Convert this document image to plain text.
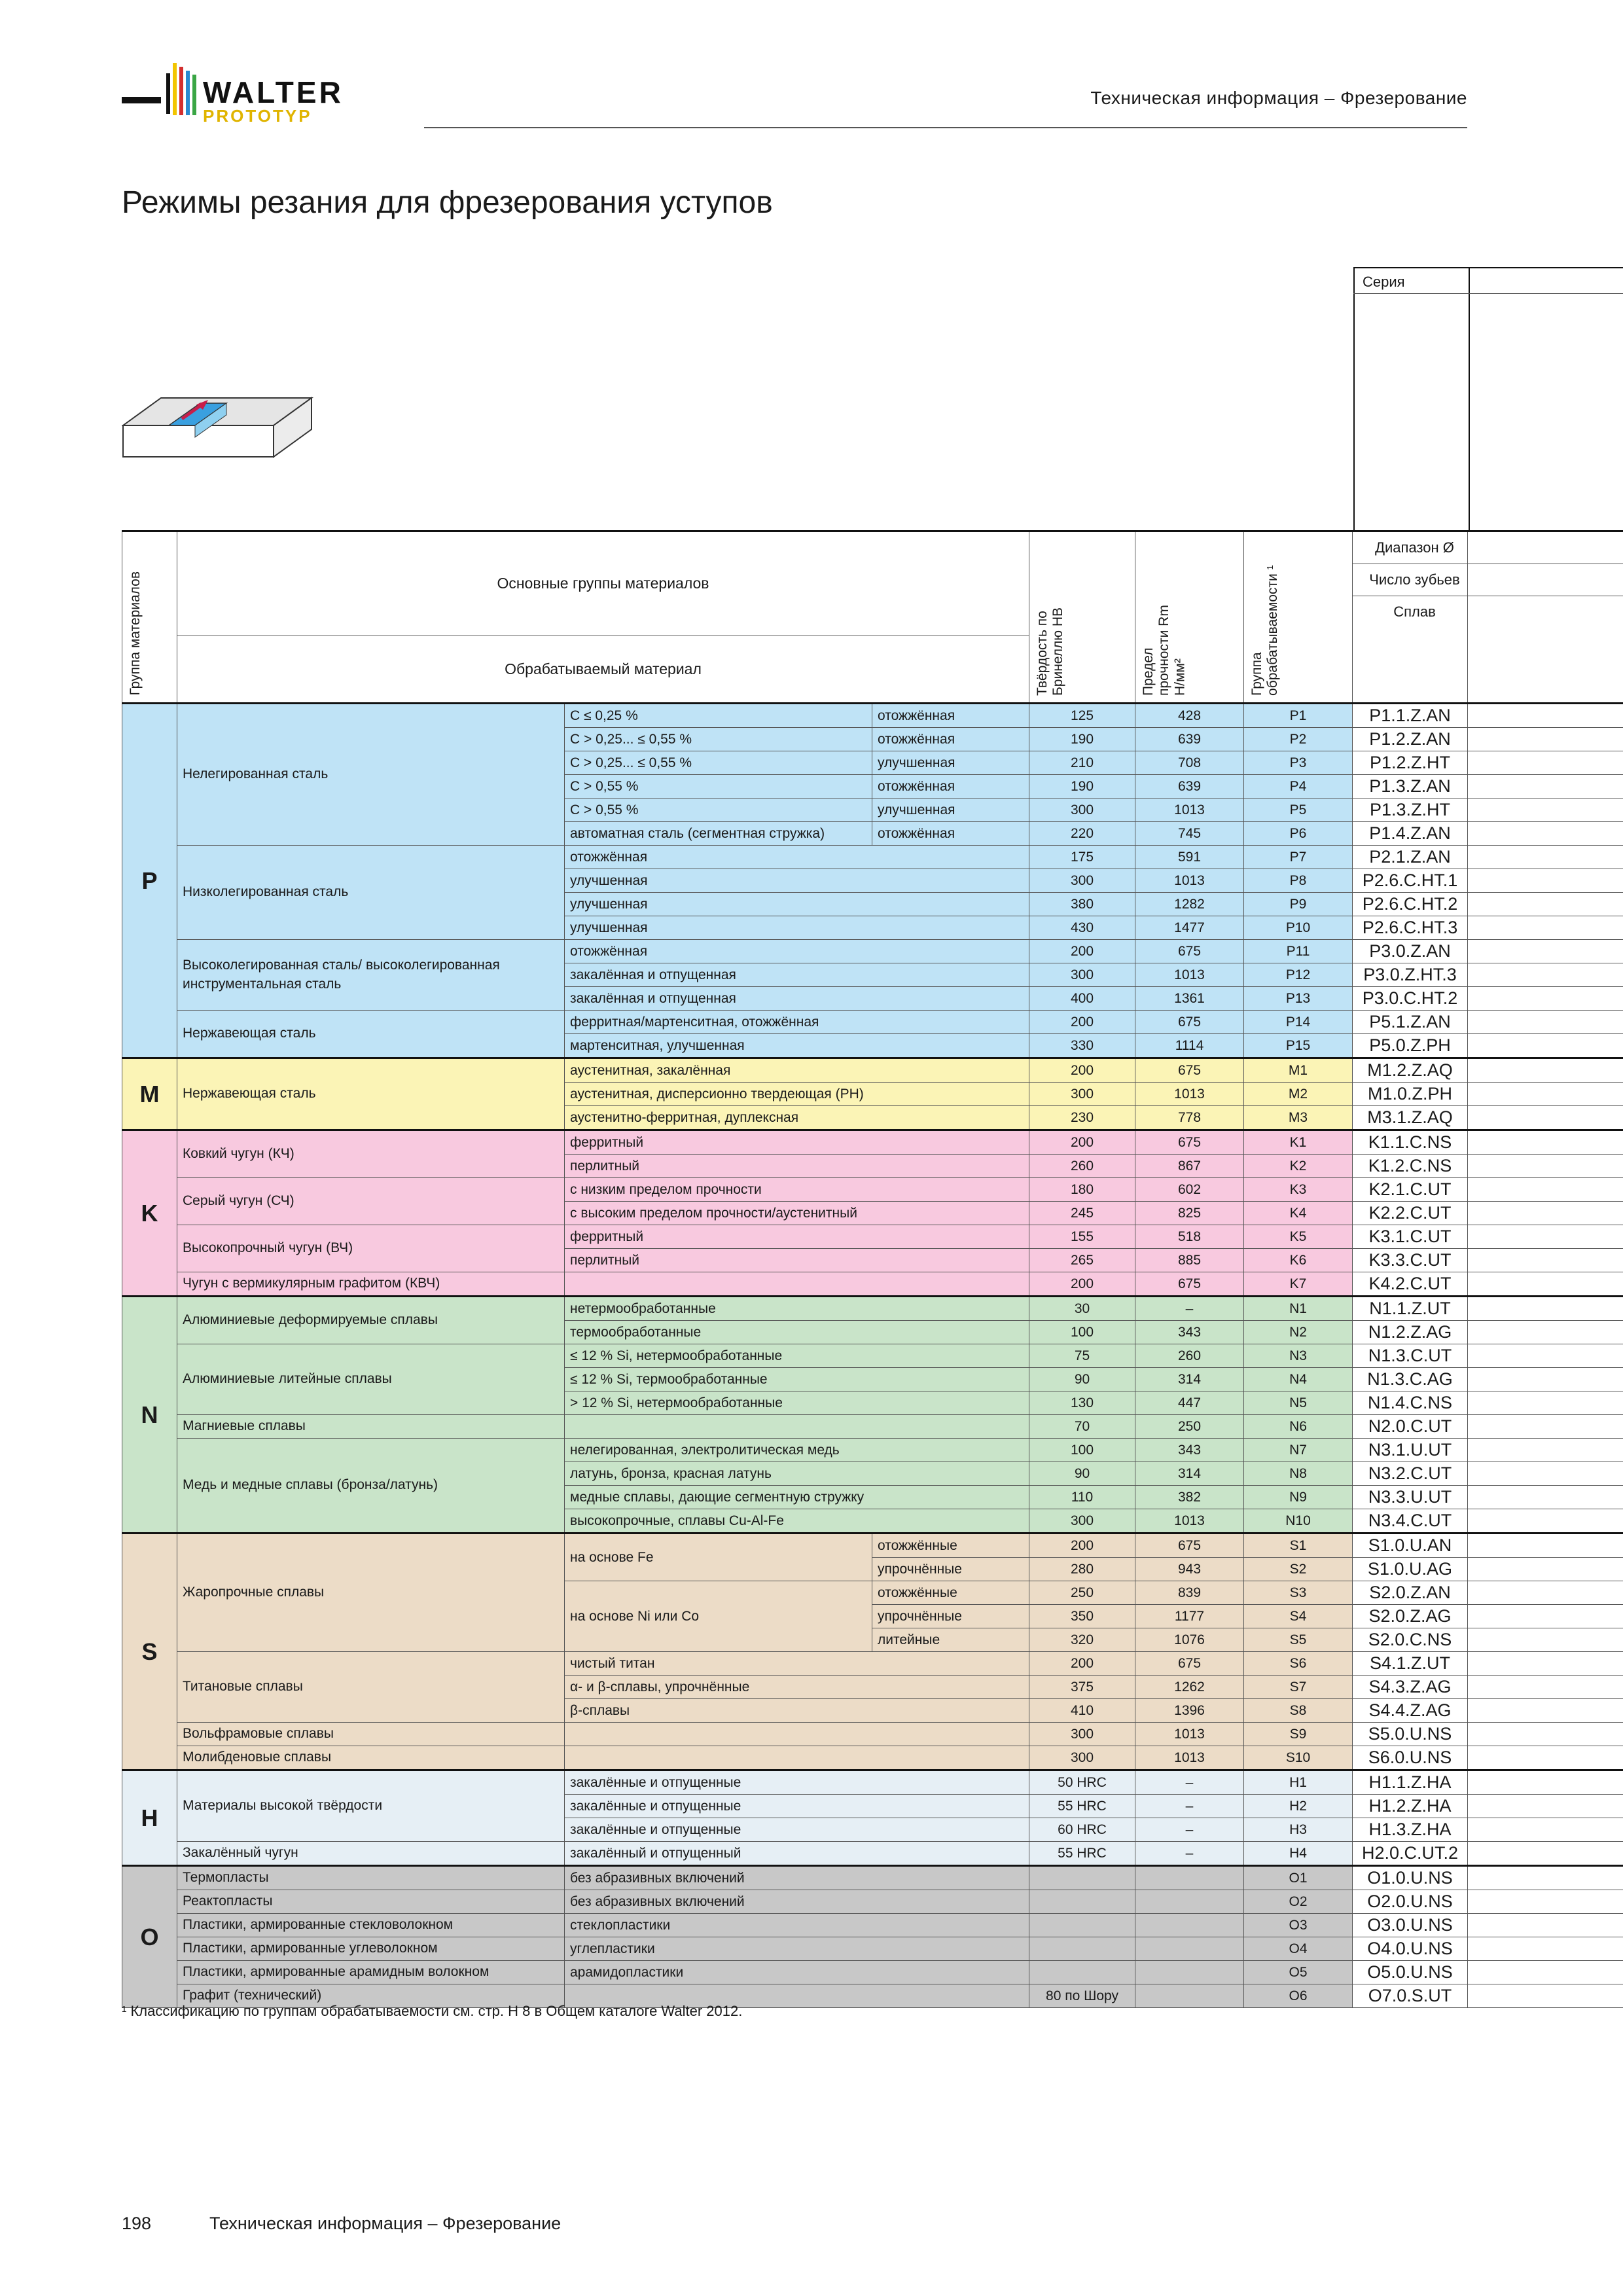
WALTER
PROTOTYP
Техническая информация – Фрезерование
Режимы резания для фрезерования уступов
Серия
Группа материалов	Основные группы материалов			Твёрдость по Бринеллю HB	Предел прочности Rm Н/мм²	Группа обрабатываемости ¹	Диапазон Ø
Число зубьев
Сплав	

	Обрабатываемый материал							
P	Нелегированная сталь	C ≤ 0,25 %	отожжённая	125	428	P1	P1.1.Z.AN	
		C > 0,25... ≤ 0,55 %	отожжённая	190	639	P2	P1.2.Z.AN	
		C > 0,25... ≤ 0,55 %	улучшенная	210	708	P3	P1.2.Z.HT	
		C > 0,55 %	отожжённая	190	639	P4	P1.3.Z.AN	
		C > 0,55 %	улучшенная	300	1013	P5	P1.3.Z.HT	
		автоматная сталь (сегментная стружка)	отожжённая	220	745	P6	P1.4.Z.AN	
	Низколегированная сталь	отожжённая		175	591	P7	P2.1.Z.AN	
		улучшенная		300	1013	P8	P2.6.C.HT.1	
		улучшенная		380	1282	P9	P2.6.C.HT.2	
		улучшенная		430	1477	P10	P2.6.C.HT.3	
	Высоколегированная сталь/ высоколегированная инструментальная сталь	отожжённая		200	675	P11	P3.0.Z.AN	
		закалённая и отпущенная		300	1013	P12	P3.0.Z.HT.3	
		закалённая и отпущенная		400	1361	P13	P3.0.C.HT.2	
	Нержавеющая сталь	ферритная/мартенситная, отожжённая		200	675	P14	P5.1.Z.AN	
		мартенситная, улучшенная		330	1114	P15	P5.0.Z.PH	
M	Нержавеющая сталь	аустенитная, закалённая		200	675	M1	M1.2.Z.AQ	
		аустенитная, дисперсионно твердеющая (PH)		300	1013	M2	M1.0.Z.PH	
		аустенитно-ферритная, дуплексная		230	778	M3	M3.1.Z.AQ	
K	Ковкий чугун (КЧ)	ферритный		200	675	K1	K1.1.C.NS	
		перлитный		260	867	K2	K1.2.C.NS	
	Серый чугун (СЧ)	с низким пределом прочности		180	602	K3	K2.1.C.UT	
		с высоким пределом прочности/аустенитный		245	825	K4	K2.2.C.UT	
	Высокопрочный чугун (ВЧ)	ферритный		155	518	K5	K3.1.C.UT	
		перлитный		265	885	K6	K3.3.C.UT	
	Чугун с вермикулярным графитом (КВЧ)			200	675	K7	K4.2.C.UT	
N	Алюминиевые деформируемые сплавы	нетермообработанные		30	–	N1	N1.1.Z.UT	
		термообработанные		100	343	N2	N1.2.Z.AG	
	Алюминиевые литейные сплавы	≤ 12 % Si, нетермообработанные		75	260	N3	N1.3.C.UT	
		≤ 12 % Si, термообработанные		90	314	N4	N1.3.C.AG	
		> 12 % Si, нетермообработанные		130	447	N5	N1.4.C.NS	
	Магниевые сплавы			70	250	N6	N2.0.C.UT	
	Медь и медные сплавы (бронза/латунь)	нелегированная, электролитическая медь		100	343	N7	N3.1.U.UT	
		латунь, бронза, красная латунь		90	314	N8	N3.2.C.UT	
		медные сплавы, дающие сегментную стружку		110	382	N9	N3.3.U.UT	
		высокопрочные, сплавы Cu-Al-Fe		300	1013	N10	N3.4.C.UT	
S	Жаропрочные сплавы	на основе Fe	отожжённые	200	675	S1	S1.0.U.AN	
			упрочнённые	280	943	S2	S1.0.U.AG	
		на основе Ni или Co	отожжённые	250	839	S3	S2.0.Z.AN	
			упрочнённые	350	1177	S4	S2.0.Z.AG	
			литейные	320	1076	S5	S2.0.C.NS	
	Титановые сплавы	чистый титан		200	675	S6	S4.1.Z.UT	
		α- и β-сплавы, упрочнённые		375	1262	S7	S4.3.Z.AG	
		β-сплавы		410	1396	S8	S4.4.Z.AG	
	Вольфрамовые сплавы			300	1013	S9	S5.0.U.NS	
	Молибденовые сплавы			300	1013	S10	S6.0.U.NS	
H	Материалы высокой твёрдости	закалённые и отпущенные		50 HRC	–	H1	H1.1.Z.HA	
		закалённые и отпущенные		55 HRC	–	H2	H1.2.Z.HA	
		закалённые и отпущенные		60 HRC	–	H3	H1.3.Z.HA	
	Закалённый чугун	закалённый и отпущенный		55 HRC	–	H4	H2.0.C.UT.2	
O	Термопласты	без абразивных включений				O1	O1.0.U.NS	
	Реактопласты	без абразивных включений				O2	O2.0.U.NS	
	Пластики, армированные стекловолокном	стеклопластики				O3	O3.0.U.NS	
	Пластики, армированные углеволокном	углепластики				O4	O4.0.U.NS	
	Пластики, армированные арамидным волокном	арамидопластики				O5	O5.0.U.NS	
	Графит (технический)			80 по Шору		O6	O7.0.S.UT	
¹ Классификацию по группам обрабатываемости см. стр. H 8 в Общем каталоге Walter 2012.
198	Техническая информация – Фрезерование
